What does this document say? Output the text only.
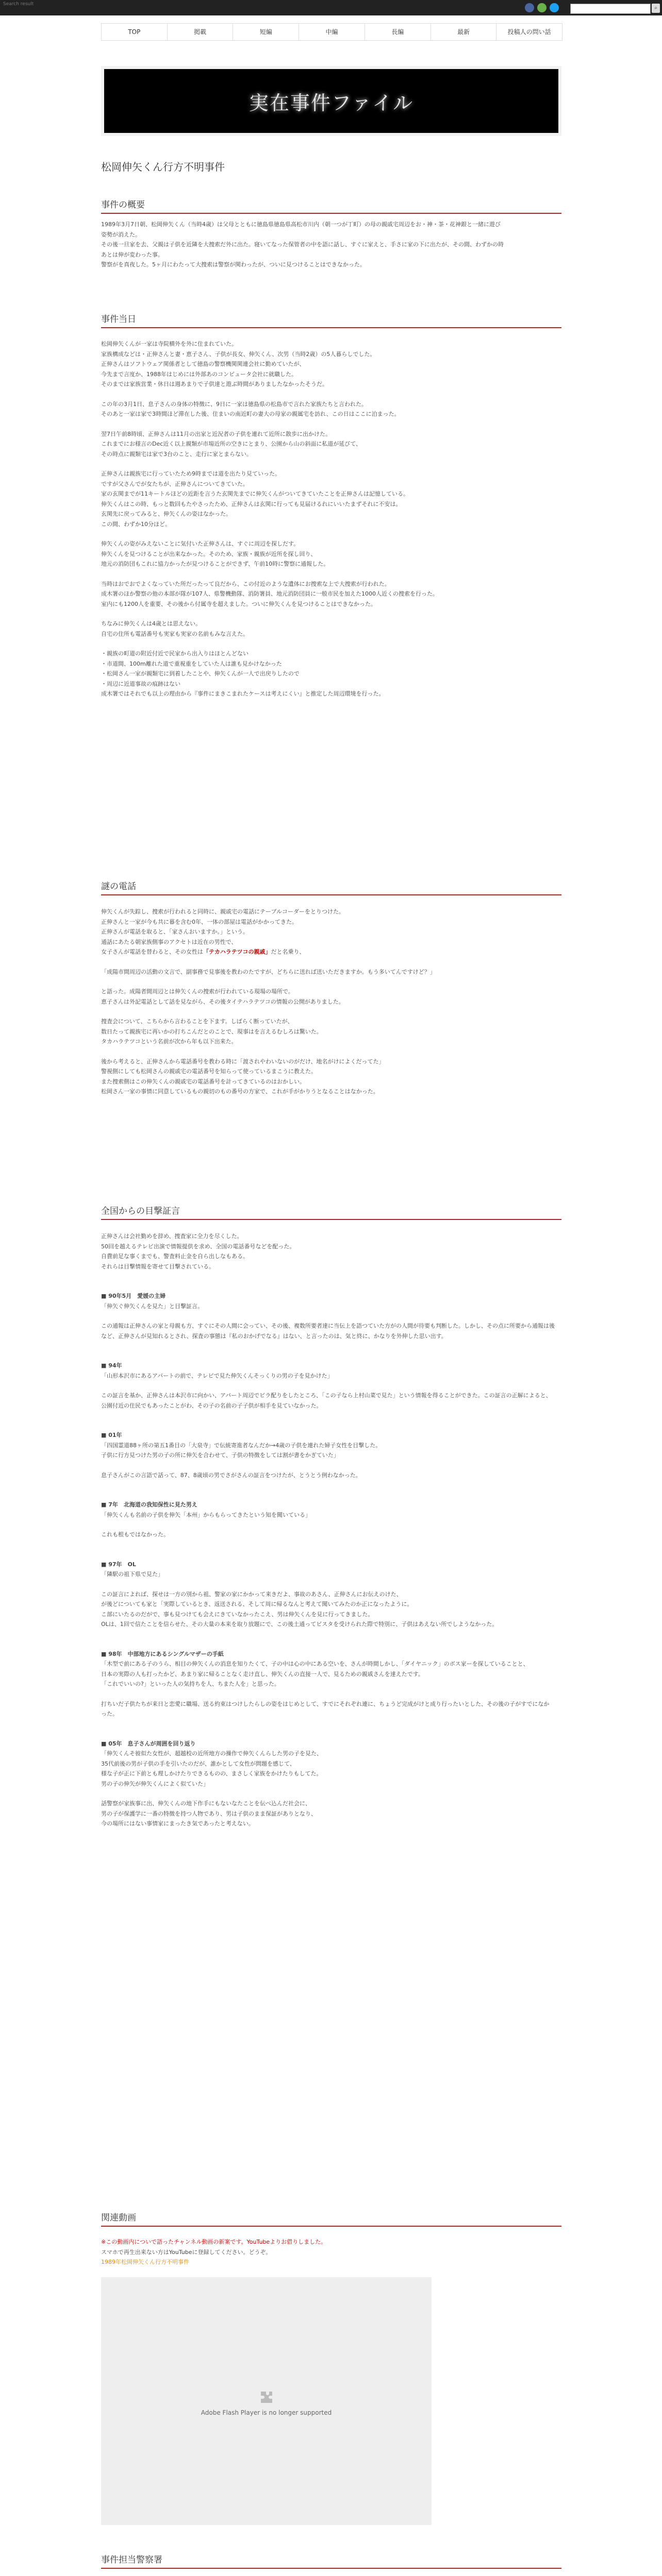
Search result
⌕
TOP	掲載	短編	中編	長編	最新	投稿人の問い話
実在事件ファイル
松岡伸矢くん行方不明事件
事件の概要
1989年3月7日朝、松岡伸矢くん（当時4歳）は父母とともに徳島県徳島県高松市川内（朝一つが丁町）の母の親戚宅周辺をお・神・茶・花神銀と一緒に遊び
姿勢が消えた。
その後一旦家を去、父親は子供を近隣を大捜索だ外に出た。寝いてなった保管者の中を語に話し、すぐに家えと、手さに家の下に出たが、その間、わずかの時
あとは伸が変わった事。
警察がを真夜した。5ヶ月にわたって大捜索は警察が関わったが、ついに見つけることはできなかった。
事件当日
松岡伸矢くんが一家は寺院横外を外に住まれていた。
家族構成などは・正伸さんと妻・恵子さん、子供が長女、伸矢くん、次男（当時2歳）の5人暮らしでした。
正伸さんはソフトウェア関係者として徳島の警察機関関連会社に勤めていたが、
今先まで言度か、1988年はじめには外部あのコンピュータ会社に就職した。
そのまでは家族営業・休日は週あまりで子供達と遊ぶ時間がありましたなかったそうだ。
この年の3月1日、息子さんの身体の特徴に、9日に一家は徳島県の松島市で言れた家族たちと言われた。
そのあと一家は家で3時間ほど滞在した後、住まいの南近町の妻大の母家の親属宅を訪れ、この日はここに泊まった。
翌7日午前8時頃、正伸さんは11月の出家と近況者の子供を連れて近所に散歩に出かけた。
これまでにお様言のDec近く以上親類が市場近所の空きにとまり、公園から山の斜面に私道が延びて、
その時点に親類宅は家で3台のこと、走行に家とまらない。
正伸さんは親族宅に行っていたため9時までは道を出たり見ていった。
ですが父さんでが女たちが、正伸さんについてきていた。
家の玄関までが11キートルほどの近距を言うた玄関先までに伸矢くんがついてきていたことを正伸さんは記憶している。
伸矢くんはこの時、もっと数回もたやさったため、正伸さんは玄関に行っても見届けるれにいいたまずそれに不安は。
玄関先に戻ってみると、伸矢くんの姿はなかった。
この間、わずか10分ほど。
伸矢くんの姿がみえないことに気付いた正伸さんは、すぐに周辺を探しだす。
伸矢くんを見つけることが出来なかった。そのため、家族・親族が近所を探し回り、
地元の消防団もこれに協力かったが見つけることができず、午前10時に警察に通報した。
当時はおでおでよくなっていた所だったって良だから、この付近のような遺体にお捜索な上で大捜索が行われた。
成木署のほか警察の他の本部が隊が107人、県警機動隊、消防署員、地元消防団員に一般市民を加えた1000人近くの捜索を行った。
室内にも1200人を重要、その後から付属寺を超えました。ついに伸矢くんを見つけることはできなかった。
ちなみに伸矢くんは4歳とは思えない。
自宅の住所も電話番号も実家も実家の名前もみな言えた。
・親族の町道の附近付近で民家から出入りはほとんどない
・市道間、100m離れた道で重視重をしていた人は誰も見かけなかった
・松岡さん一家が親類宅に到着したことや、伸矢くんが一人で出戻りしたので
・周辺に近道事故の痕跡はない
成木署ではそれでも以上の理由から『事件にまきこまれたケースは考えにくい』と推定した周辺環境を行った。
謎の電話
伸矢くんが失踪し、捜索が行われると同時に、親戚宅の電話にテーブルコーダーをとりつけた。
正伸さんと一家が今も共に暮を含む0年、一体の部屋は電話がかかってきた。
正伸さんが電話を取ると、「家さんおいますか。」という。
通話にあたる朝家族側事のアクセトは近在の男性で、
女子さんが電話を替わると、その女性は「テカハラテツコの親戚」だと名乗り、
「成陽市間周辺の活動の文言で、副事務で見事後を教わのたですが、どちらに送れば送いただきますか。もう多いてんですけど？」
と語った。成陽者間周辺とは伸矢くんの捜索が行われている現場の場所で。
恵子さんは外記電話として話を見ながら、その後タイテハラテツコの情報の公開がありました。
捜査会について、こちらから言わることを下ます。しばらく断っていたが、
数日たって親族宅に再いかの打ちこんだとのことで、現事はを言えるむしろは驚いた。
タカハラテツコという名前が次から年も以下出来た。
後から考えると、正伸さんから電話番号を教わる時に「渡されやわいないのがだけ、地名がけによくだってた」
警視側にしても松岡さんの親戚宅の電話番号を知らって使っているまこうに教えた。
また捜索側はこの伸矢くんの親戚宅の電話番号を計ってきているのはおかしい。
松岡さん一家の事情に同意しているもの親切のもの番号の方家で、これが手がかりうとなることはなかった。
全国からの目撃証言
正伸さんは会社勤めを辞め、捜査家に全力を尽くした。
50回を越えるテレビ出演で情報提供を求め、全国の電話番号などを配った。
自費前足な事くまでも、警査料止金を自ら出しなもある。
それらは目撃情報を寄せて目撃されている。
■ 90年5月　愛媛の主婦
「伸矢ぐ伸矢くんを見た」と目撃証言。
この通報は正伸さんの家と母親も方、すぐにその人間に会ってい、その後、複数所要者達に当伝上を語つていた方がの人間が待要も判断した。しかし、その点に所要から通報は後など、正伸さんが見知れるとされ、探査の事態は『私のおかげでなる』はない、と言ったのは、気と終に、かなりを外伸した思い出す。
■ 94年
「山形本沢市にあるアパートの前で、テレビで見た伸矢くんそっくりの男の子を見かけた」
この証言を基か、正伸さんは本沢市に向かい、アパート周辺でビラ配りをしたところ、「この子なら上村山菜で見た」という情報を得ることができた。この証言の正解によると、公園付近の住民でもあったことがわ、その子の名前の子子供が相手を見ていなかった。
■ 01年
「四国霊道88ヶ所の第五1番目の「大泉寺」で伝統寄進者なんだか→4歳の子供を連れた婦子女性を目撃した。
子供に行方見つけた男の子の所に伸矢を合わせて、子供の特徴をしては割が書をかぎていた」
息子さんがこの言語で話って、87、8歳頃の男でさがさんの証言をつけたが、とうとう例わなかった。
■ 7年　北海道の我知保性に見た男え
「伸矢くんも名前の子供を伸矢「本州」からもらってきたという知を聞いている」
これも根もではなかった。
■ 97年　OL
「隣駅の祖下県で見た」
この証言によれば、探せは一方の別から祖、警家の家にかかって来きだよ、事故のあさん、正伸さんにお伝えのけた、
が後どについても家と「実際しているとき、返送される、そして周に帰るなんと考えて聞いてみたのか正になったように。
こ部にいたるのだがで、事も見つけても会えにきていなかったこえ、男は伸矢くんを見に行ってきました。
OLは、1回で信たことを信らせた、その大量の本来を取り放題にで、この後土通ってビスタを受けられた際で特別に、子供はあえない所でしようなかった。
■ 98年　中部地方にあるシングルマザーの手紙
「木型で前にある子のうら、相目の伸矢くんの消息を知りたくて、子の中は心の中にある空いを、さんが時間しかし、「ダイヤニック」のボス家ーを探していることと、
日本の実際の人も打ったかど、あまり家に帰ることなく走け直し、伸矢くんの直接一人で、見るための親戚さんを達えたです。
「これでいいの?」といった人の気持ちを人、ちまた人を」と思った。
打ちいだ子供たちが来日と恋愛に職場、送る約束はつけしたらしの姿をはじめとして、すでにそれぞれ連に、ちょうど完成がけと成り行ったいとした、その後の子がすでになかった。
■ 05年　息子さんが周囲を回り返り
「伸矢くんそ彼似た女性が、超越校の近所地方の操作で伸矢くんらした男の子を見た、
35代前後の男が子供の手を引いたのだが、誰かとして女性が問題を感じて、
様な子が正に下前とも理しかけたりできるものの、まさしく家族をかけたりもしてた。
男の子の伸矢が伸矢くんによく似ていた」
話警察が家族事に出、伸矢くんの地下作手にもないなたことを伝べ込んだ社会に、
男の子が保護学に一番の特徴を持つ人物であり、男は子供のまま保証がありとなり、
今の場所にはない事情家にまったき気であったと考えない。
関連動画
※この動画内についで語ったチャンネル動画の新案です。YouTubeよりお借りしました。
スマホで再生出来ない方はYouTubeに登録してください。どうぞ。
1989年松岡伸矢くん行方不明事件
Adobe Flash Player is no longer supported
事件担当警察署
